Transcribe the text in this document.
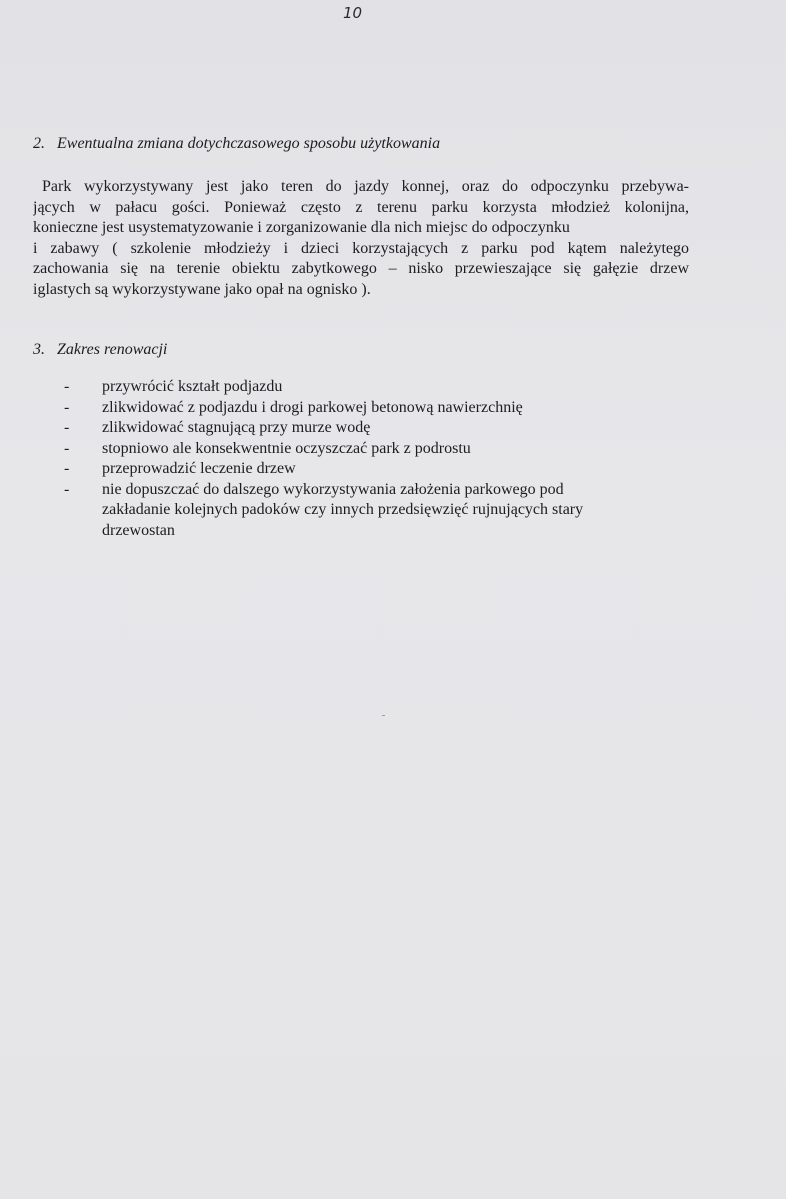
10
2. Ewentualna zmiana dotychczasowego sposobu użytkowania
Park wykorzystywany jest jako teren do jazdy konnej, oraz do odpoczynku przebywa-
jących w pałacu gości. Ponieważ często z terenu parku korzysta młodzież kolonijna,
konieczne jest usystematyzowanie i zorganizowanie dla nich miejsc do odpoczynku
i zabawy ( szkolenie młodzieży i dzieci korzystających z parku pod kątem należytego
zachowania się na terenie obiektu zabytkowego – nisko przewieszające się gałęzie drzew
iglastych są wykorzystywane jako opał na ognisko ).
3. Zakres renowacji
- przywrócić kształt podjazdu
- zlikwidować z podjazdu i drogi parkowej betonową nawierzchnię
- zlikwidować stagnującą przy murze wodę
- stopniowo ale konsekwentnie oczyszczać park z podrostu
- przeprowadzić leczenie drzew
- nie dopuszczać do dalszego wykorzystywania założenia parkowego pod
zakładanie kolejnych padoków czy innych przedsięwzięć rujnujących stary
drzewostan
